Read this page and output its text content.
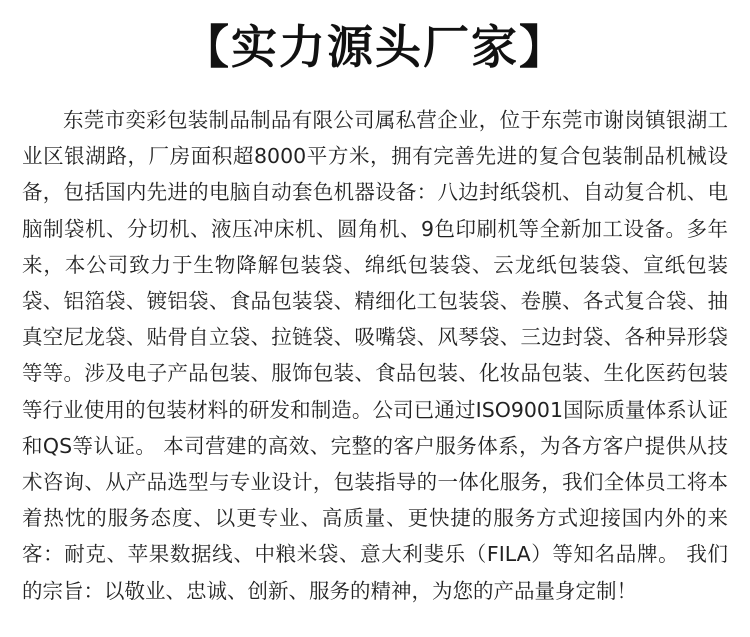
【实力源头厂家】

东莞市奕彩包装制品制品有限公司属私营企业，位于东莞市谢岗镇银湖工业区银湖路，厂房面积超8000平方米，拥有完善先进的复合包装制品机械设备，包括国内先进的电脑自动套色机器设备：八边封纸袋机、自动复合机、电脑制袋机、分切机、液压冲床机、圆角机、9色印刷机等全新加工设备。多年来，本公司致力于生物降解包装袋、绵纸包装袋、云龙纸包装袋、宣纸包装袋、铝箔袋、镀铝袋、食品包装袋、精细化工包装袋、卷膜、各式复合袋、抽真空尼龙袋、贴骨自立袋、拉链袋、吸嘴袋、风琴袋、三边封袋、各种异形袋等等。涉及电子产品包装、服饰包装、食品包装、化妆品包装、生化医药包装等行业使用的包装材料的研发和制造。公司已通过ISO9001国际质量体系认证和QS等认证。 本司营建的高效、完整的客户服务体系，为各方客户提供从技术咨询、从产品选型与专业设计，包装指导的一体化服务，我们全体员工将本着热忱的服务态度、以更专业、高质量、更快捷的服务方式迎接国内外的来客：耐克、苹果数据线、中粮米袋、意大利斐乐（FILA）等知名品牌。 我们的宗旨：以敬业、忠诚、创新、服务的精神，为您的产品量身定制！
